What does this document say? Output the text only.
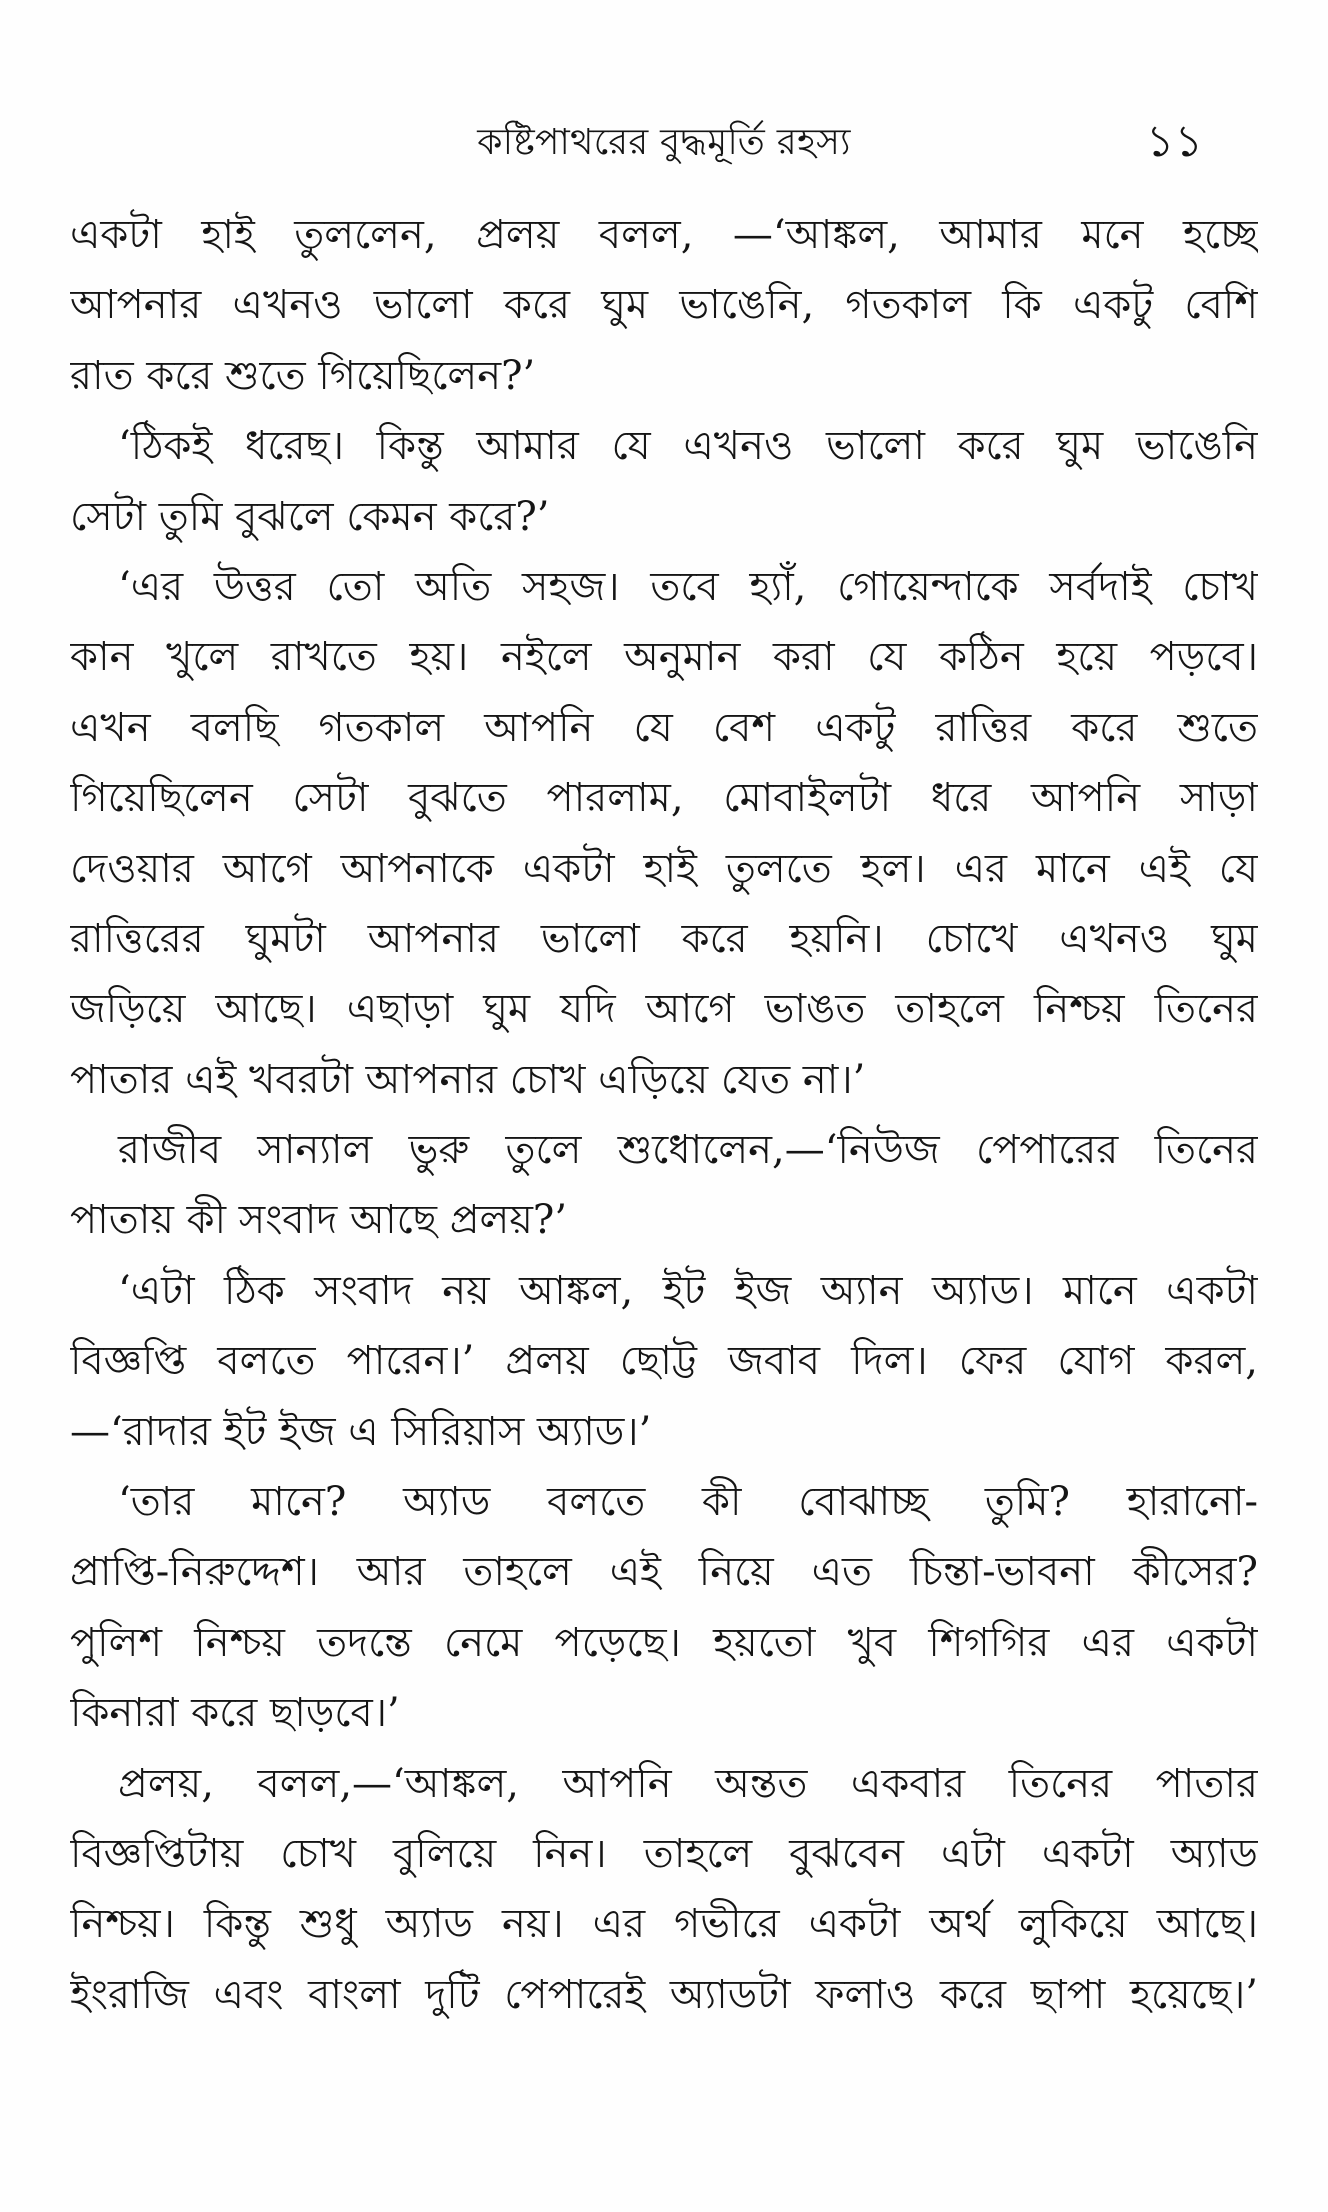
কষ্টিপাথরের বুদ্ধমূর্তি রহস্য	১১
একটা হাই তুললেন, প্রলয় বলল, —‘আঙ্কল, আমার মনে হচ্ছে
আপনার এখনও ভালো করে ঘুম ভাঙেনি, গতকাল কি একটু বেশি
রাত করে শুতে গিয়েছিলেন?’
‘ঠিকই ধরেছ। কিন্তু আমার যে এখনও ভালো করে ঘুম ভাঙেনি
সেটা তুমি বুঝলে কেমন করে?’
‘এর উত্তর তো অতি সহজ। তবে হ্যাঁ, গোয়েন্দাকে সর্বদাই চোখ
কান খুলে রাখতে হয়। নইলে অনুমান করা যে কঠিন হয়ে পড়বে।
এখন বলছি গতকাল আপনি যে বেশ একটু রাত্তির করে শুতে
গিয়েছিলেন সেটা বুঝতে পারলাম, মোবাইলটা ধরে আপনি সাড়া
দেওয়ার আগে আপনাকে একটা হাই তুলতে হল। এর মানে এই যে
রাত্তিরের ঘুমটা আপনার ভালো করে হয়নি। চোখে এখনও ঘুম
জড়িয়ে আছে। এছাড়া ঘুম যদি আগে ভাঙত তাহলে নিশ্চয় তিনের
পাতার এই খবরটা আপনার চোখ এড়িয়ে যেত না।’
রাজীব সান্যাল ভুরু তুলে শুধোলেন,—‘নিউজ পেপারের তিনের
পাতায় কী সংবাদ আছে প্রলয়?’
‘এটা ঠিক সংবাদ নয় আঙ্কল, ইট ইজ অ্যান অ্যাড। মানে একটা
বিজ্ঞপ্তি বলতে পারেন।’ প্রলয় ছোট্ট জবাব দিল। ফের যোগ করল,
—‘রাদার ইট ইজ এ সিরিয়াস অ্যাড।’
‘তার মানে? অ্যাড বলতে কী বোঝাচ্ছ তুমি? হারানো-
প্রাপ্তি-নিরুদ্দেশ। আর তাহলে এই নিয়ে এত চিন্তা-ভাবনা কীসের?
পুলিশ নিশ্চয় তদন্তে নেমে পড়েছে। হয়তো খুব শিগগির এর একটা
কিনারা করে ছাড়বে।’
প্রলয়, বলল,—‘আঙ্কল, আপনি অন্তত একবার তিনের পাতার
বিজ্ঞপ্তিটায় চোখ বুলিয়ে নিন। তাহলে বুঝবেন এটা একটা অ্যাড
নিশ্চয়। কিন্তু শুধু অ্যাড নয়। এর গভীরে একটা অর্থ লুকিয়ে আছে।
ইংরাজি এবং বাংলা দুটি পেপারেই অ্যাডটা ফলাও করে ছাপা হয়েছে।’
